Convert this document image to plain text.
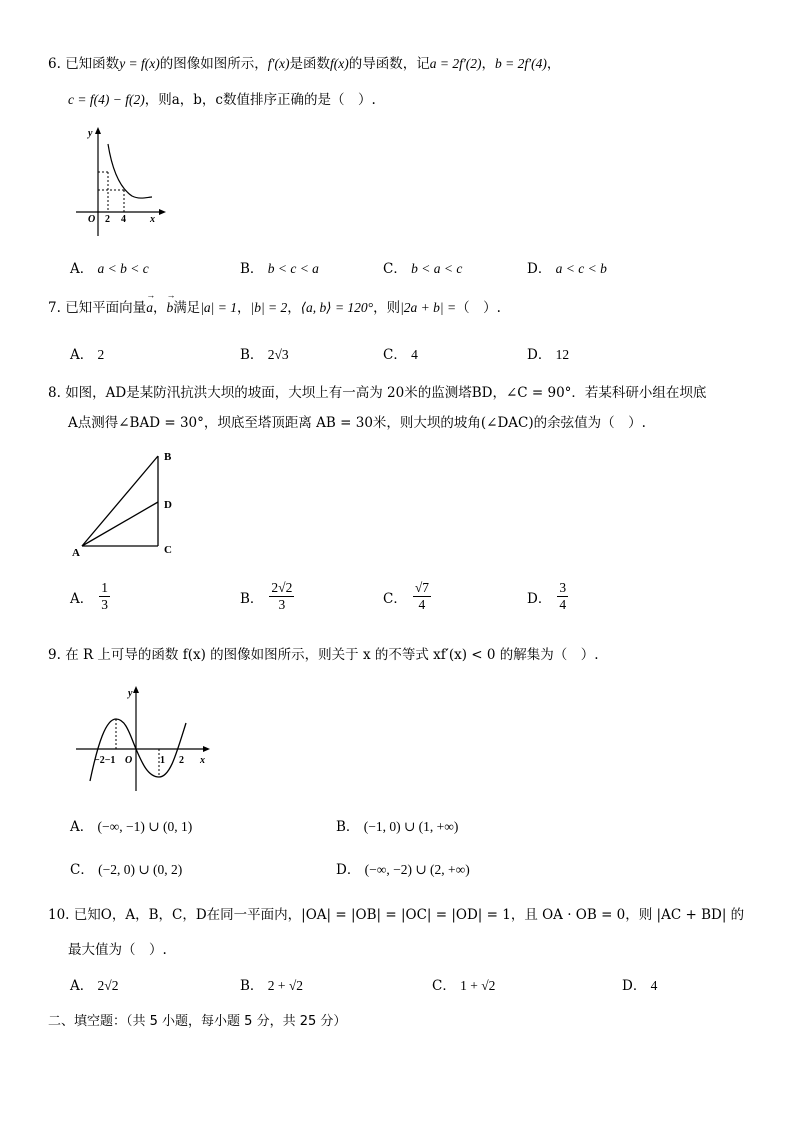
6. 已知函数y = f(x)的图像如图所示，f′(x)是函数f(x)的导函数，记a = 2f′(2)，b = 2f′(4)，
c = f(4) − f(2)，则a，b，c数值排序正确的是（　）.
y
O 2 4 x
A． a < b < c	B． b < c < a	C． b < a < c	D． a < c < b
7. 已知平面向量→ a，→ b满足|a| = 1，|b| = 2，⟨a, b⟩ = 120°，则|2a + b| =（　）.
A． 2	B． 2√3	C． 4	D． 12
8. 如图，AD是某防汛抗洪大坝的坡面，大坝上有一高为 20米的监测塔BD，∠C = 90°．若某科研小组在坝底
A点测得∠BAD = 30°，坝底至塔顶距离 AB = 30米，则大坝的坡角(∠DAC)的余弦值为（　）.
B
D
A	C
A． $\frac{1}{3}$	B． $\frac{2√2}{3}$	C． $\frac{√7}{4}$	D． $\frac{3}{4}$
9. 在 R 上可导的函数 f(x) 的图像如图所示，则关于 x 的不等式 xf′(x) < 0 的解集为（　）.
y
−2−1 O	1 2 x
A． (−∞, −1) ∪ (0, 1)	B． (−1, 0) ∪ (1, +∞)
C． (−2, 0) ∪ (0, 2)	D． (−∞, −2) ∪ (2, +∞)
10. 已知O，A，B，C，D在同一平面内，|OA| = |OB| = |OC| = |OD| = 1，且 OA · OB = 0，则 |AC + BD| 的
最大值为（　）.
A． 2√2	B． 2 + √2	C． 1 + √2	D． 4
二、填空题：（共 5 小题，每小题 5 分，共 25 分）
